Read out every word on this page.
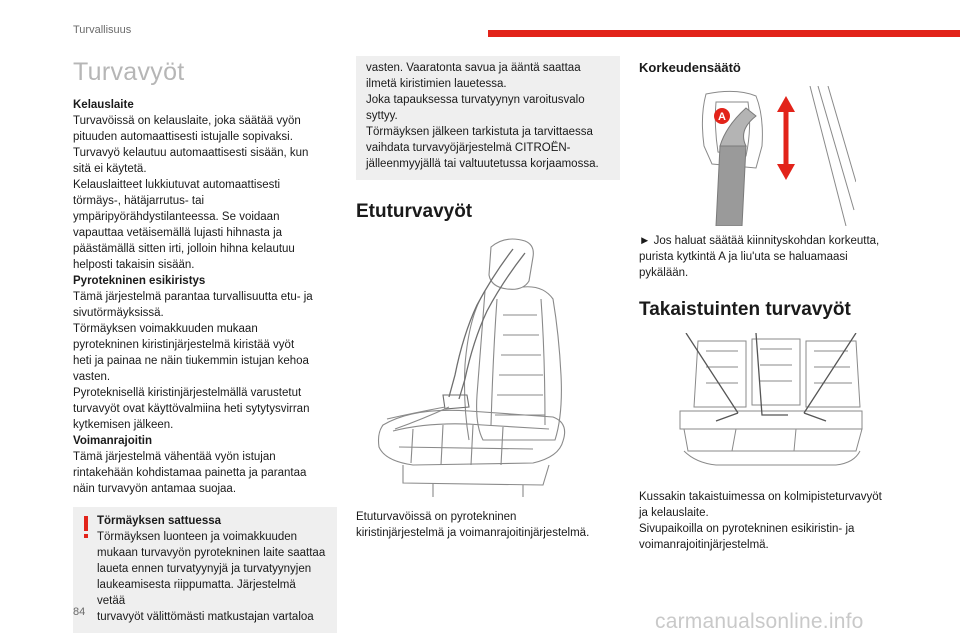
Turvallisuus
Turvavyöt

Kelauslaite

Turvavöissä on kelauslaite, joka säätää vyön

pituuden automaattisesti istujalle sopivaksi.

Turvavyö kelautuu automaattisesti sisään, kun

sitä ei käytetä.

Kelauslaitteet lukkiutuvat automaattisesti

törmäys-, hätäjarrutus- tai

ympäripyörähdystilanteessa. Se voidaan

vapauttaa vetäisemällä lujasti hihnasta ja

päästämällä sitten irti, jolloin hihna kelautuu

helposti takaisin sisään.

Pyrotekninen esikiristys

Tämä järjestelmä parantaa turvallisuutta etu- ja

sivutörmäyksissä.

Törmäyksen voimakkuuden mukaan

pyrotekninen kiristinjärjestelmä kiristää vyöt

heti ja painaa ne näin tiukemmin istujan kehoa

vasten.

Pyroteknisellä kiristinjärjestelmällä varustetut

turvavyöt ovat käyttövalmiina heti sytytysvirran

kytkemisen jälkeen.

Voimanrajoitin

Tämä järjestelmä vähentää vyön istujan

rintakehään kohdistamaa painetta ja parantaa

näin turvavyön antamaa suojaa.

Törmäyksen sattuessa

Törmäyksen luonteen ja voimakkuuden

mukaan turvavyön pyrotekninen laite saattaa

laueta ennen turvatyynyjä ja turvatyynyjen

laukeamisesta riippumatta. Järjestelmä vetää

turvavyöt välittömästi matkustajan vartaloa

vasten. Vaaratonta savua ja ääntä saattaa

ilmetä kiristimien lauetessa.

Joka tapauksessa turvatyynyn varoitusvalo

syttyy.

Törmäyksen jälkeen tarkistuta ja tarvittaessa

vaihdata turvavyöjärjestelmä CITROËN-

jälleenmyyjällä tai valtuutetussa korjaamossa.

Etuturvavyöt

Etuturvavöissä on pyrotekninen

kiristinjärjestelmä ja voimanrajoitinjärjestelmä.

Korkeudensäätö
A

► Jos haluat säätää kiinnityskohdan korkeutta,

purista kytkintä A ja liu'uta se haluamaasi

pykälään.

Takaistuinten turvavyöt

Kussakin takaistuimessa on kolmipisteturvavyöt

ja kelauslaite.

Sivupaikoilla on pyrotekninen esikiristin- ja

voimanrajoitinjärjestelmä.

84	carmanualsonline.info
